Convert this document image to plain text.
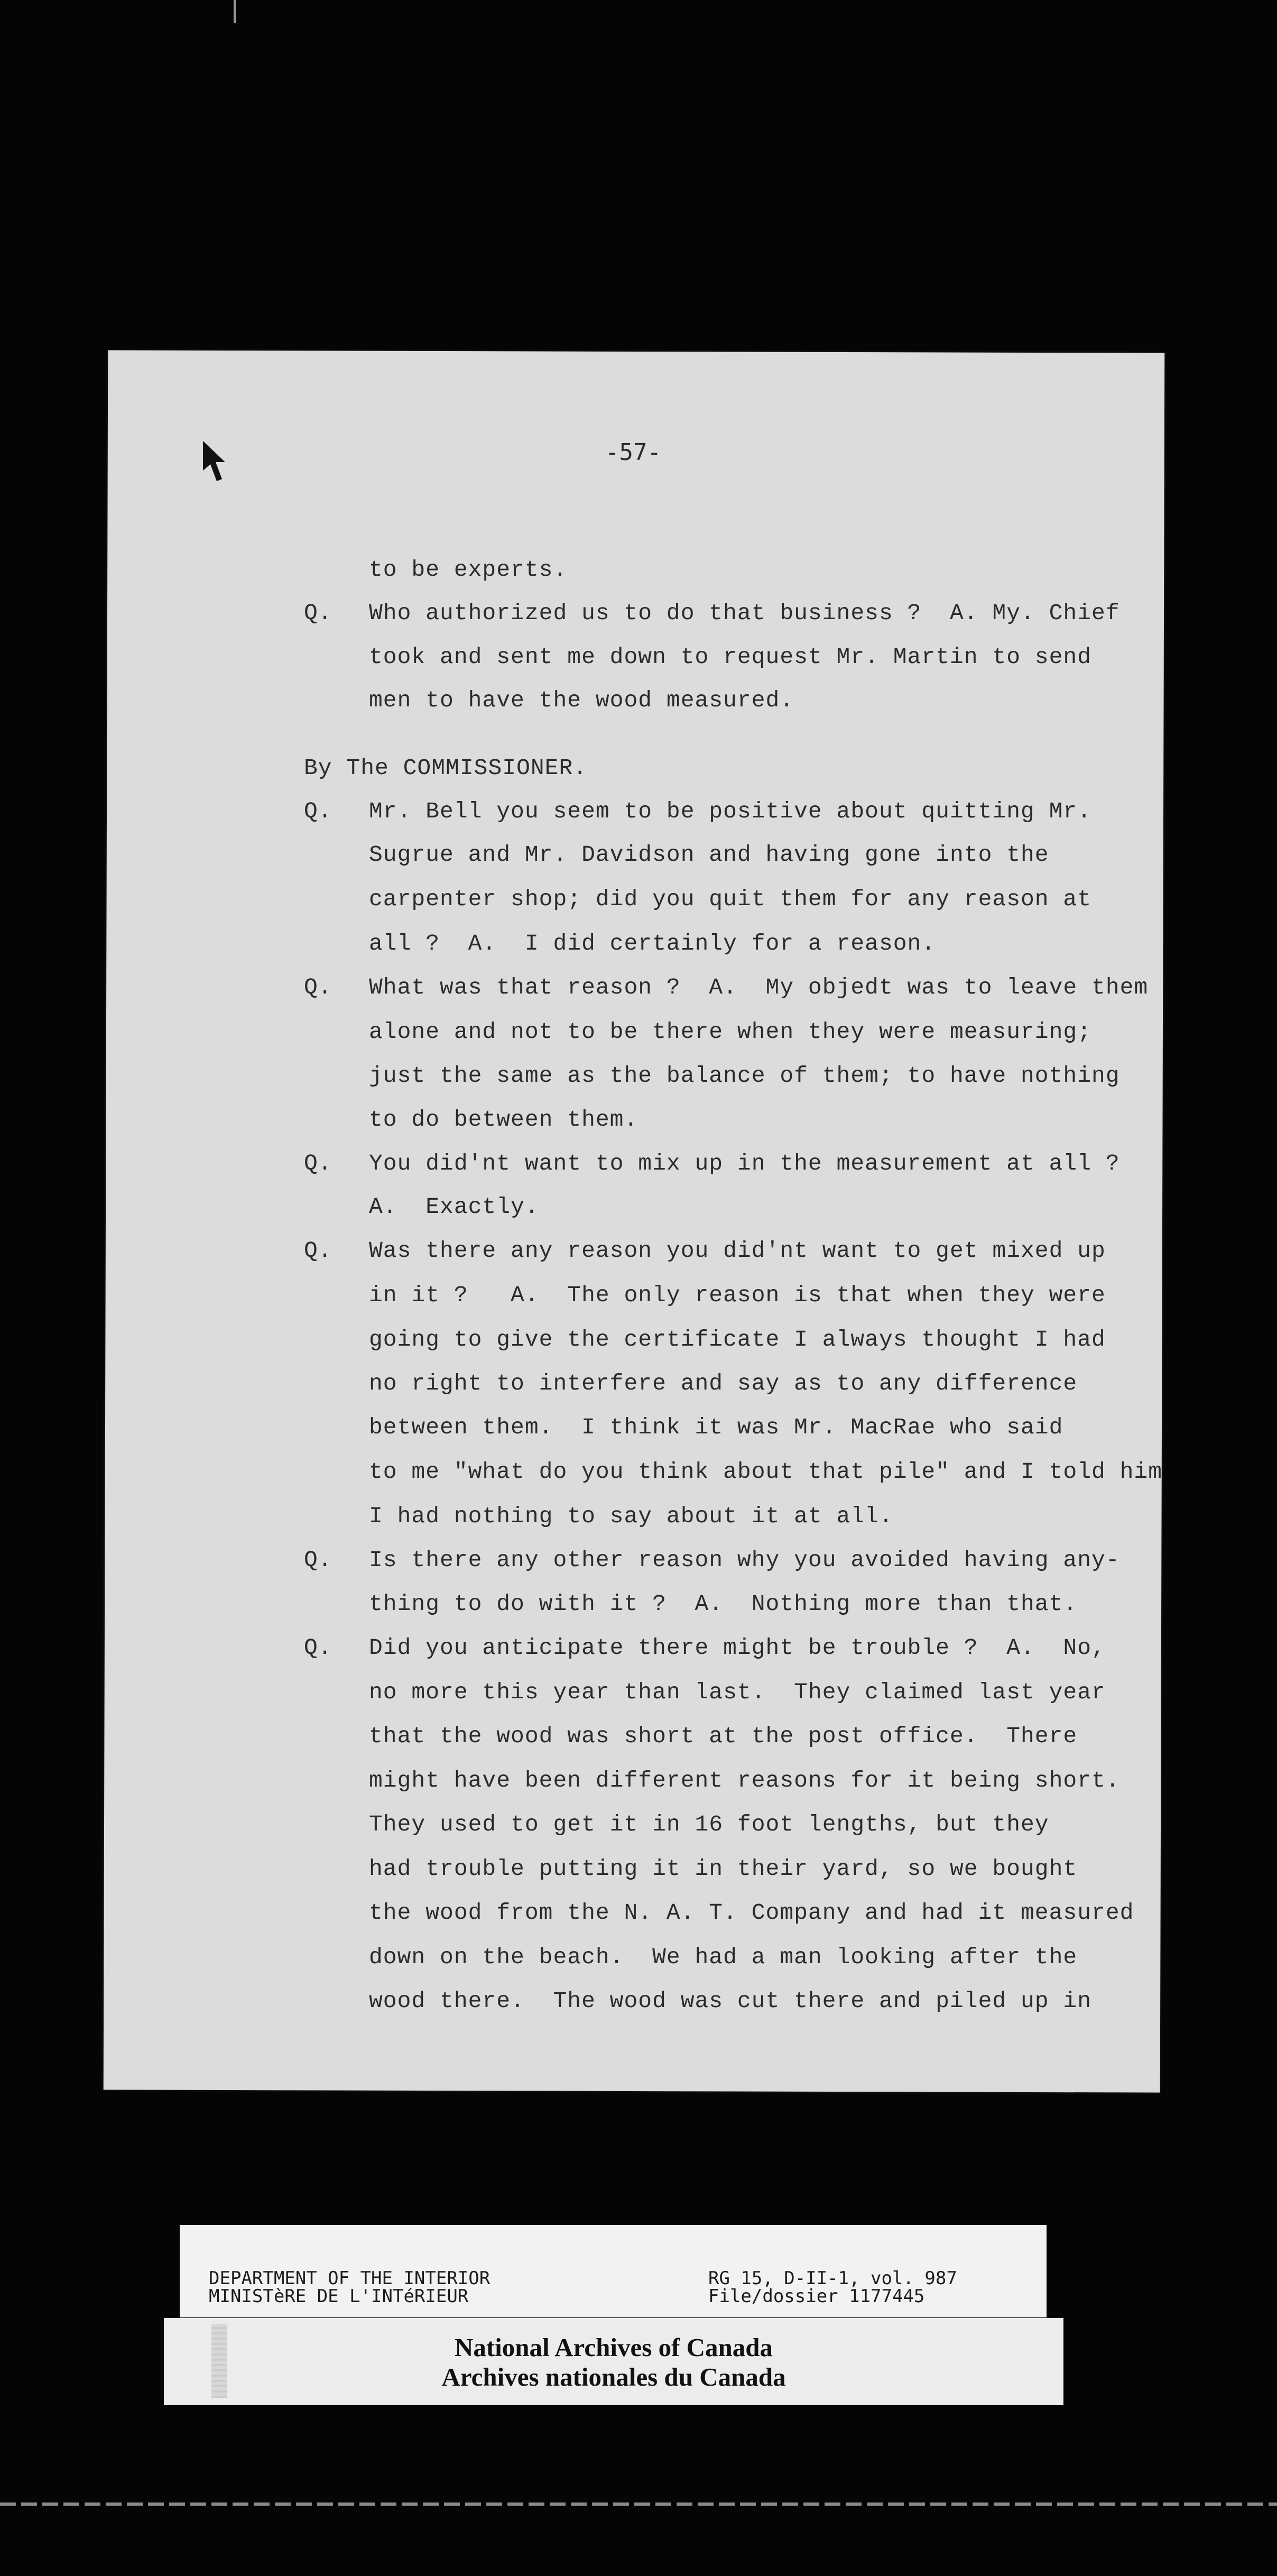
-57-
to be experts.
Q. Who authorized us to do that business ?  A. My. Chief
took and sent me down to request Mr. Martin to send
men to have the wood measured.
By The COMMISSIONER.
Q. Mr. Bell you seem to be positive about quitting Mr.
Sugrue and Mr. Davidson and having gone into the
carpenter shop; did you quit them for any reason at
all ?  A.  I did certainly for a reason.
Q. What was that reason ?  A.  My objedt was to leave them
alone and not to be there when they were measuring;
just the same as the balance of them; to have nothing
to do between them.
Q. You did'nt want to mix up in the measurement at all ?
A.  Exactly.
Q. Was there any reason you did'nt want to get mixed up
in it ?   A.  The only reason is that when they were
going to give the certificate I always thought I had
no right to interfere and say as to any difference
between them.  I think it was Mr. MacRae who said
to me "what do you think about that pile" and I told him
I had nothing to say about it at all.
Q. Is there any other reason why you avoided having any-
thing to do with it ?  A.  Nothing more than that.
Q. Did you anticipate there might be trouble ?  A.  No,
no more this year than last.  They claimed last year
that the wood was short at the post office.  There
might have been different reasons for it being short.
They used to get it in 16 foot lengths, but they
had trouble putting it in their yard, so we bought
the wood from the N. A. T. Company and had it measured
down on the beach.  We had a man looking after the
wood there.  The wood was cut there and piled up in
DEPARTMENT OF THE INTERIOR
MINISTèRE DE L'INTéRIEUR
RG 15, D-II-1, vol. 987
File/dossier 1177445
National Archives of Canada
Archives nationales du Canada
